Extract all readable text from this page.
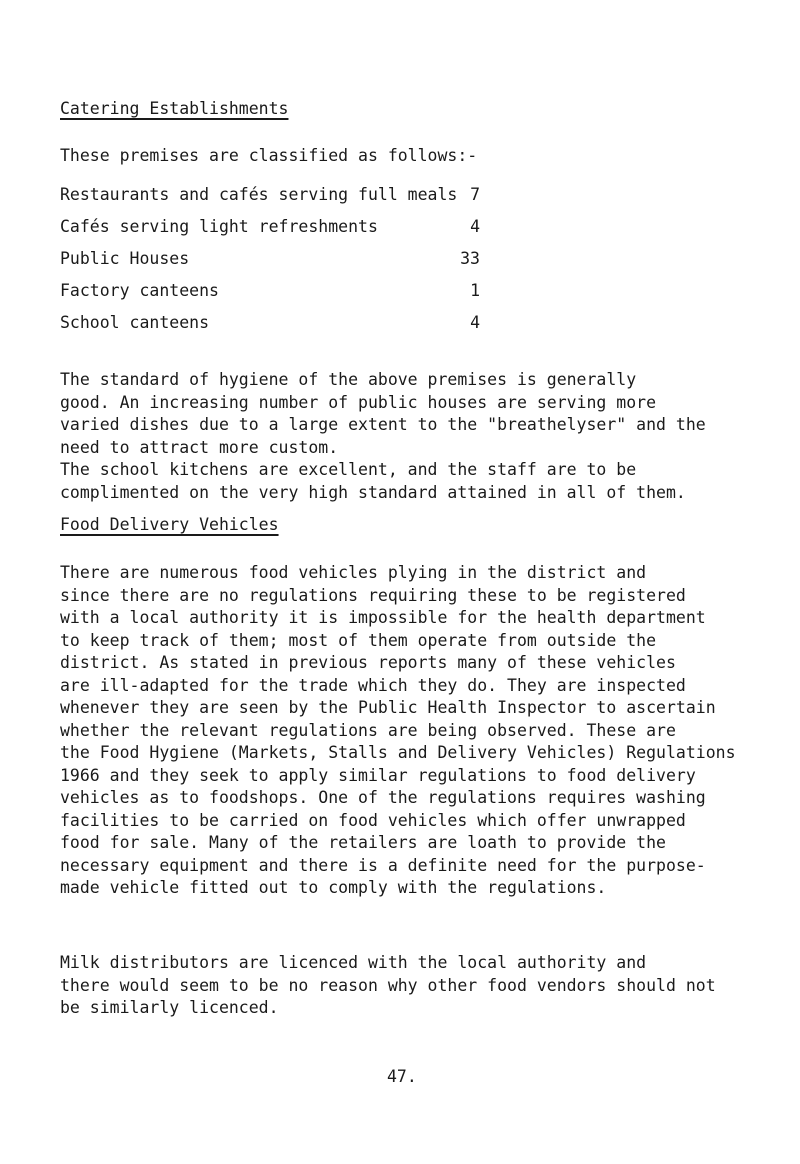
Catering Establishments

These premises are classified as follows:-

Restaurants and cafés serving full meals 7
Cafés serving light refreshments	4
Public Houses	33
Factory canteens	1
School canteens	4

The standard of hygiene of the above premises is generally
good. An increasing number of public houses are serving more
varied dishes due to a large extent to the "breathelyser" and the
need to attract more custom.

The school kitchens are excellent, and the staff are to be
complimented on the very high standard attained in all of them.

Food Delivery Vehicles

There are numerous food vehicles plying in the district and
since there are no regulations requiring these to be registered
with a local authority it is impossible for the health department
to keep track of them; most of them operate from outside the
district. As stated in previous reports many of these vehicles
are ill-adapted for the trade which they do. They are inspected
whenever they are seen by the Public Health Inspector to ascertain
whether the relevant regulations are being observed. These are
the Food Hygiene (Markets, Stalls and Delivery Vehicles) Regulations
1966 and they seek to apply similar regulations to food delivery
vehicles as to foodshops. One of the regulations requires washing
facilities to be carried on food vehicles which offer unwrapped
food for sale. Many of the retailers are loath to provide the
necessary equipment and there is a definite need for the purpose-
made vehicle fitted out to comply with the regulations.

Milk distributors are licenced with the local authority and
there would seem to be no reason why other food vendors should not
be similarly licenced.

47.
